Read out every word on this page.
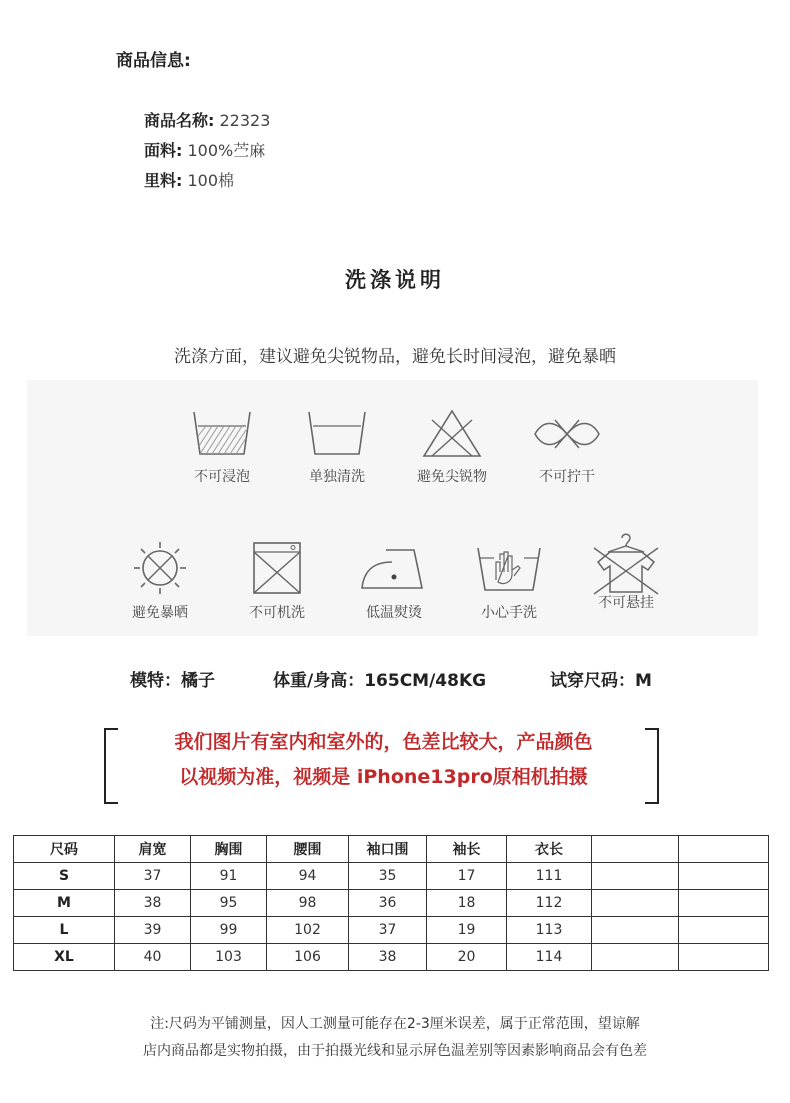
商品信息:
商品名称: 22323
面料: 100%苎麻
里料: 100棉
洗涤说明
洗涤方面，建议避免尖锐物品，避免长时间浸泡，避免暴晒
不可浸泡	单独清洗	避免尖锐物	不可拧干
避免暴晒	不可机洗	低温熨烫	小心手洗
不可悬挂
模特：橘子	体重/身高：165CM/48KG	试穿尺码：M
我们图片有室内和室外的，色差比较大，产品颜色
以视频为准，视频是 iPhone13pro原相机拍摄
尺码	肩宽	胸围	腰围	袖口围	袖长	衣长		
S	37	91	94	35	17	111		
M	38	95	98	36	18	112		
L	39	99	102	37	19	113		
XL	40	103	106	38	20	114		
注:尺码为平铺测量，因人工测量可能存在2-3厘米误差，属于正常范围，望谅解
店内商品都是实物拍摄，由于拍摄光线和显示屏色温差别等因素影响商品会有色差
